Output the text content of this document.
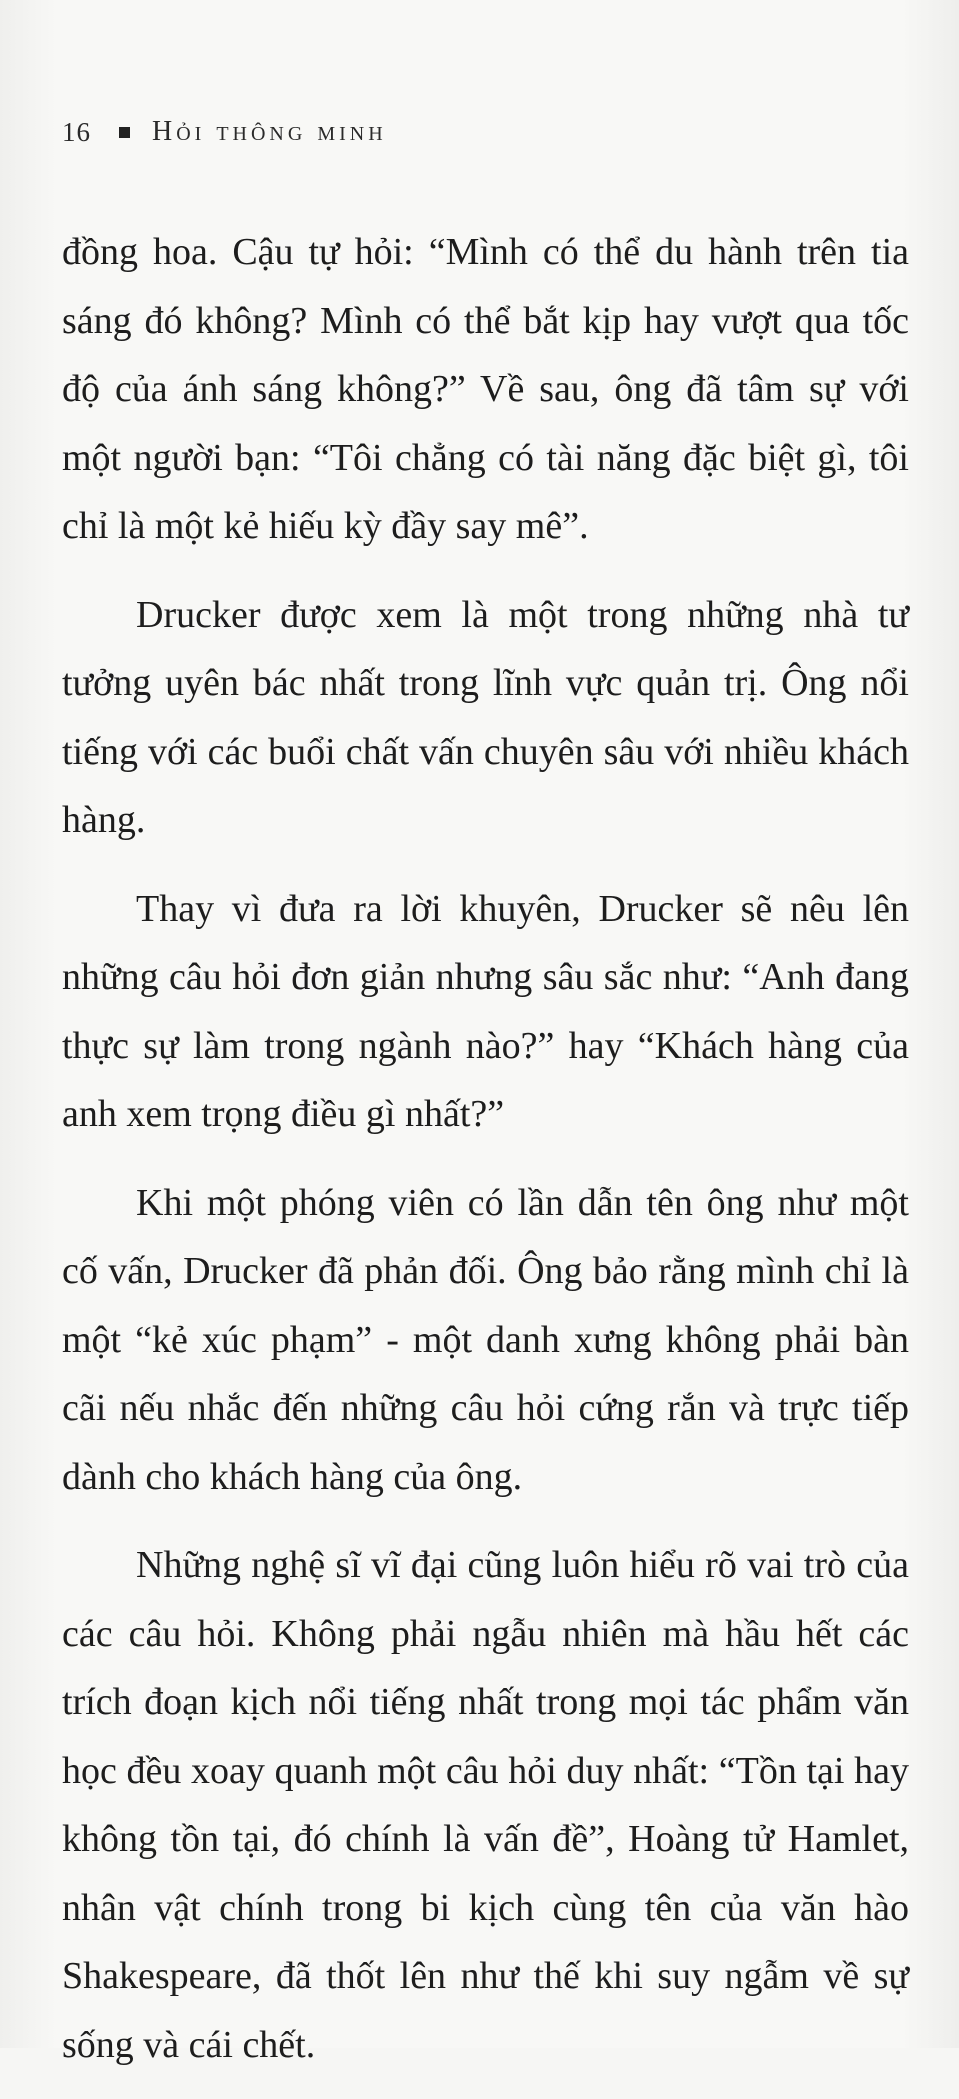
16 Hỏi thông minh

đồng hoa. Cậu tự hỏi: “Mình có thể du hành trên tia sáng đó không? Mình có thể bắt kịp hay vượt qua tốc độ của ánh sáng không?” Về sau, ông đã tâm sự với một người bạn: “Tôi chẳng có tài năng đặc biệt gì, tôi chỉ là một kẻ hiếu kỳ đầy say mê”.

Drucker được xem là một trong những nhà tư tưởng uyên bác nhất trong lĩnh vực quản trị. Ông nổi tiếng với các buổi chất vấn chuyên sâu với nhiều khách hàng.

Thay vì đưa ra lời khuyên, Drucker sẽ nêu lên những câu hỏi đơn giản nhưng sâu sắc như: “Anh đang thực sự làm trong ngành nào?” hay “Khách hàng của anh xem trọng điều gì nhất?”

Khi một phóng viên có lần dẫn tên ông như một cố vấn, Drucker đã phản đối. Ông bảo rằng mình chỉ là một “kẻ xúc phạm” - một danh xưng không phải bàn cãi nếu nhắc đến những câu hỏi cứng rắn và trực tiếp dành cho khách hàng của ông.

Những nghệ sĩ vĩ đại cũng luôn hiểu rõ vai trò của các câu hỏi. Không phải ngẫu nhiên mà hầu hết các trích đoạn kịch nổi tiếng nhất trong mọi tác phẩm văn học đều xoay quanh một câu hỏi duy nhất: “Tồn tại hay không tồn tại, đó chính là vấn đề”, Hoàng tử Hamlet, nhân vật chính trong bi kịch cùng tên của văn hào Shakespeare, đã thốt lên như thế khi suy ngẫm về sự sống và cái chết.
